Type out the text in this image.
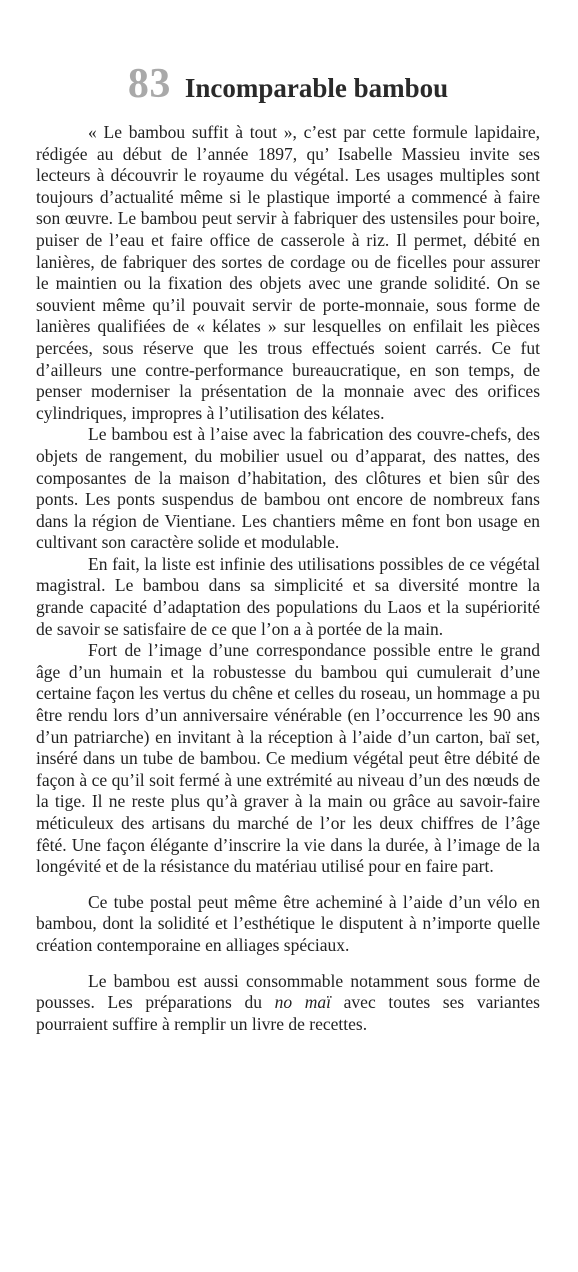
83 Incomparable bambou

« Le bambou suffit à tout », c’est par cette formule lapidaire, rédigée au début de l’année 1897, qu’ Isabelle Massieu invite ses lecteurs à découvrir le royaume du végétal. Les usages multiples sont toujours d’actualité même si le plastique importé a commencé à faire son œuvre. Le bambou peut servir à fabriquer des ustensiles pour boire, puiser de l’eau et faire office de casserole à riz. Il permet, débité en lanières, de fabriquer des sortes de cordage ou de ficelles pour assurer le maintien ou la fixation des objets avec une grande solidité. On se souvient même qu’il pouvait servir de porte-monnaie, sous forme de lanières qualifiées de « kélates » sur lesquelles on enfilait les pièces percées, sous réserve que les trous effectués soient carrés. Ce fut d’ailleurs une contre-performance bureaucratique, en son temps, de penser moderniser la présentation de la monnaie avec des orifices cylindriques, impropres à l’utilisation des kélates.

Le bambou est à l’aise avec la fabrication des couvre-chefs, des objets de rangement, du mobilier usuel ou d’apparat, des nattes, des composantes de la maison d’habitation, des clôtures et bien sûr des ponts. Les ponts suspendus de bambou ont encore de nombreux fans dans la région de Vientiane. Les chantiers même en font bon usage en cultivant son caractère solide et modulable.

En fait, la liste est infinie des utilisations possibles de ce végétal magistral. Le bambou dans sa simplicité et sa diversité montre la grande capacité d’adaptation des populations du Laos et la supériorité de savoir se satisfaire de ce que l’on a à portée de la main.

Fort de l’image d’une correspondance possible entre le grand âge d’un humain et la robustesse du bambou qui cumulerait d’une certaine façon les vertus du chêne et celles du roseau, un hommage a pu être rendu lors d’un anniversaire vénérable (en l’occurrence les 90 ans d’un patriarche) en invitant à la réception à l’aide d’un carton, baï set, inséré dans un tube de bambou. Ce medium végétal peut être débité de façon à ce qu’il soit fermé à une extrémité au niveau d’un des nœuds de la tige. Il ne reste plus qu’à graver à la main ou grâce au savoir-faire méticuleux des artisans du marché de l’or les deux chiffres de l’âge fêté. Une façon élégante d’inscrire la vie dans la durée, à l’image de la longévité et de la résistance du matériau utilisé pour en faire part.

Ce tube postal peut même être acheminé à l’aide d’un vélo en bambou, dont la solidité et l’esthétique le disputent à n’importe quelle création contemporaine en alliages spéciaux.

Le bambou est aussi consommable notamment sous forme de pousses. Les préparations du no maï avec toutes ses variantes pourraient suffire à remplir un livre de recettes.
